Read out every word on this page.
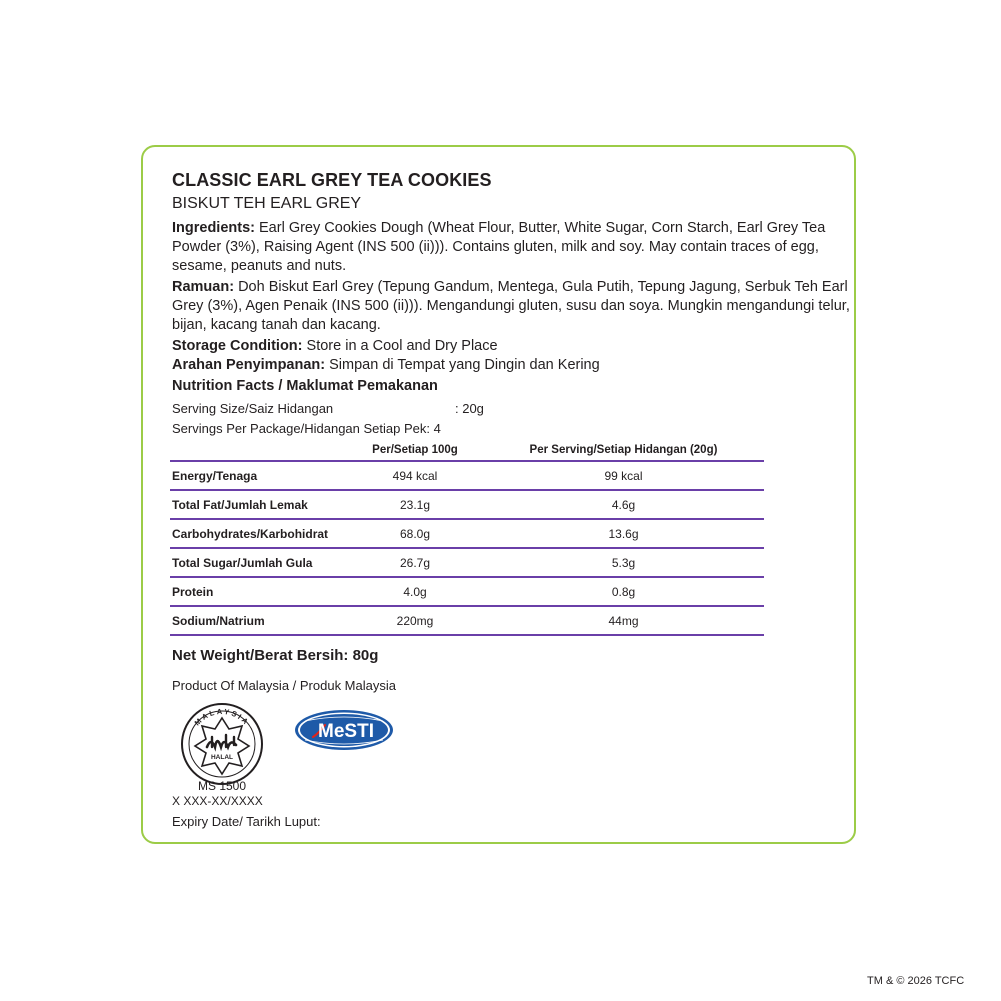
CLASSIC EARL GREY TEA COOKIES
BISKUT TEH EARL GREY
Ingredients: Earl Grey Cookies Dough (Wheat Flour, Butter, White Sugar, Corn Starch, Earl Grey Tea Powder (3%), Raising Agent (INS 500 (ii))). Contains gluten, milk and soy. May contain traces of egg, sesame, peanuts and nuts.
Ramuan: Doh Biskut Earl Grey (Tepung Gandum, Mentega, Gula Putih, Tepung Jagung, Serbuk Teh Earl Grey (3%), Agen Penaik (INS 500 (ii))). Mengandungi gluten, susu dan soya. Mungkin mengandungi telur, bijan, kacang tanah dan kacang.
Storage Condition: Store in a Cool and Dry Place
Arahan Penyimpanan: Simpan di Tempat yang Dingin dan Kering
Nutrition Facts / Maklumat Pemakanan
Serving Size/Saiz Hidangan	: 20g
Servings Per Package/Hidangan Setiap Pek: 4
	Per/Setiap 100g	Per Serving/Setiap Hidangan (20g)
Energy/Tenaga	494 kcal	99 kcal
Total Fat/Jumlah Lemak	23.1g	4.6g
Carbohydrates/Karbohidrat	68.0g	13.6g
Total Sugar/Jumlah Gula	26.7g	5.3g
Protein	4.0g	0.8g
Sodium/Natrium	220mg	44mg
Net Weight/Berat Bersih: 80g
Product Of Malaysia / Produk Malaysia
MALAYSIA
HALAL
MeSTI
MS 1500
X XXX-XX/XXXX
Expiry Date/ Tarikh Luput:
TM & © 2026 TCFC
